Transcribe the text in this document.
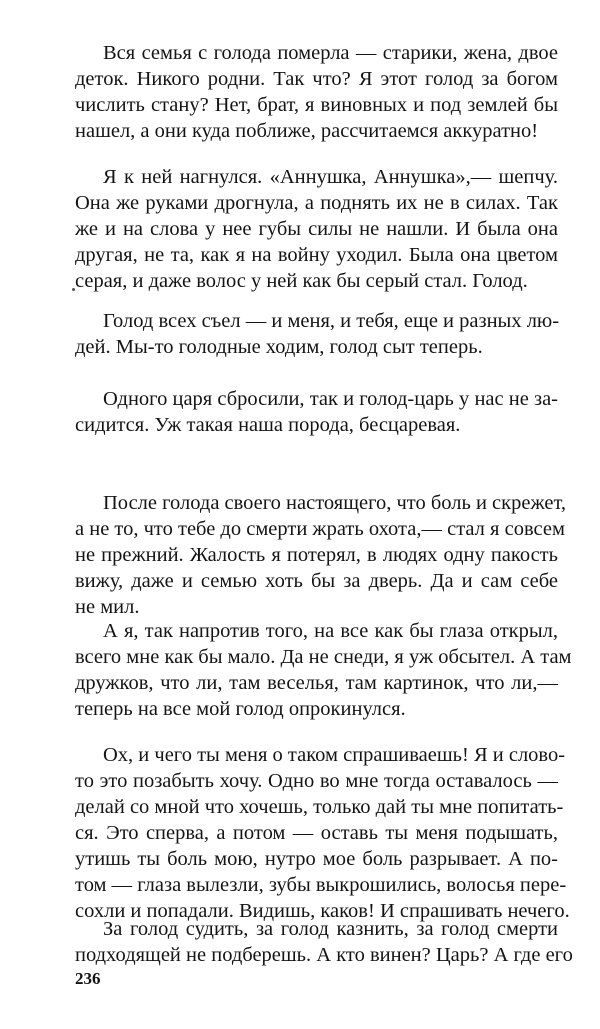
Вся семья с голода померла — старики, жена, двое
деток. Никого родни. Так что? Я этот голод за богом
числить стану? Нет, брат, я виновных и под землей бы
нашел, а они куда поближе, рассчитаемся аккуратно!
Я к ней нагнулся. «Аннушка, Аннушка»,— шепчу.
Она же руками дрогнула, а поднять их не в силах. Так
же и на слова у нее губы силы не нашли. И была она
другая, не та, как я на войну уходил. Была она цветом
серая, и даже волос у ней как бы серый стал. Голод.
Голод всех съел — и меня, и тебя, еще и разных лю-
дей. Мы-то голодные ходим, голод сыт теперь.
Одного царя сбросили, так и голод-царь у нас не за-
сидится. Уж такая наша порода, бесцаревая.
После голода своего настоящего, что боль и скрежет,
а не то, что тебе до смерти жрать охота,— стал я совсем
не прежний. Жалость я потерял, в людях одну пакость
вижу, даже и семью хоть бы за дверь. Да и сам себе
не мил.
А я, так напротив того, на все как бы глаза открыл,
всего мне как бы мало. Да не снеди, я уж обсытел. А там
дружков, что ли, там веселья, там картинок, что ли,—
теперь на все мой голод опрокинулся.
Ох, и чего ты меня о таком спрашиваешь! Я и слово-
то это позабыть хочу. Одно во мне тогда оставалось —
делай со мной что хочешь, только дай ты мне попитать-
ся. Это сперва, а потом — оставь ты меня подышать,
утишь ты боль мою, нутро мое боль разрывает. А по-
том — глаза вылезли, зубы выкрошились, волосья пере-
сохли и попадали. Видишь, каков! И спрашивать нечего.
За голод судить, за голод казнить, за голод смерти
подходящей не подберешь. А кто винен? Царь? А где его
236
